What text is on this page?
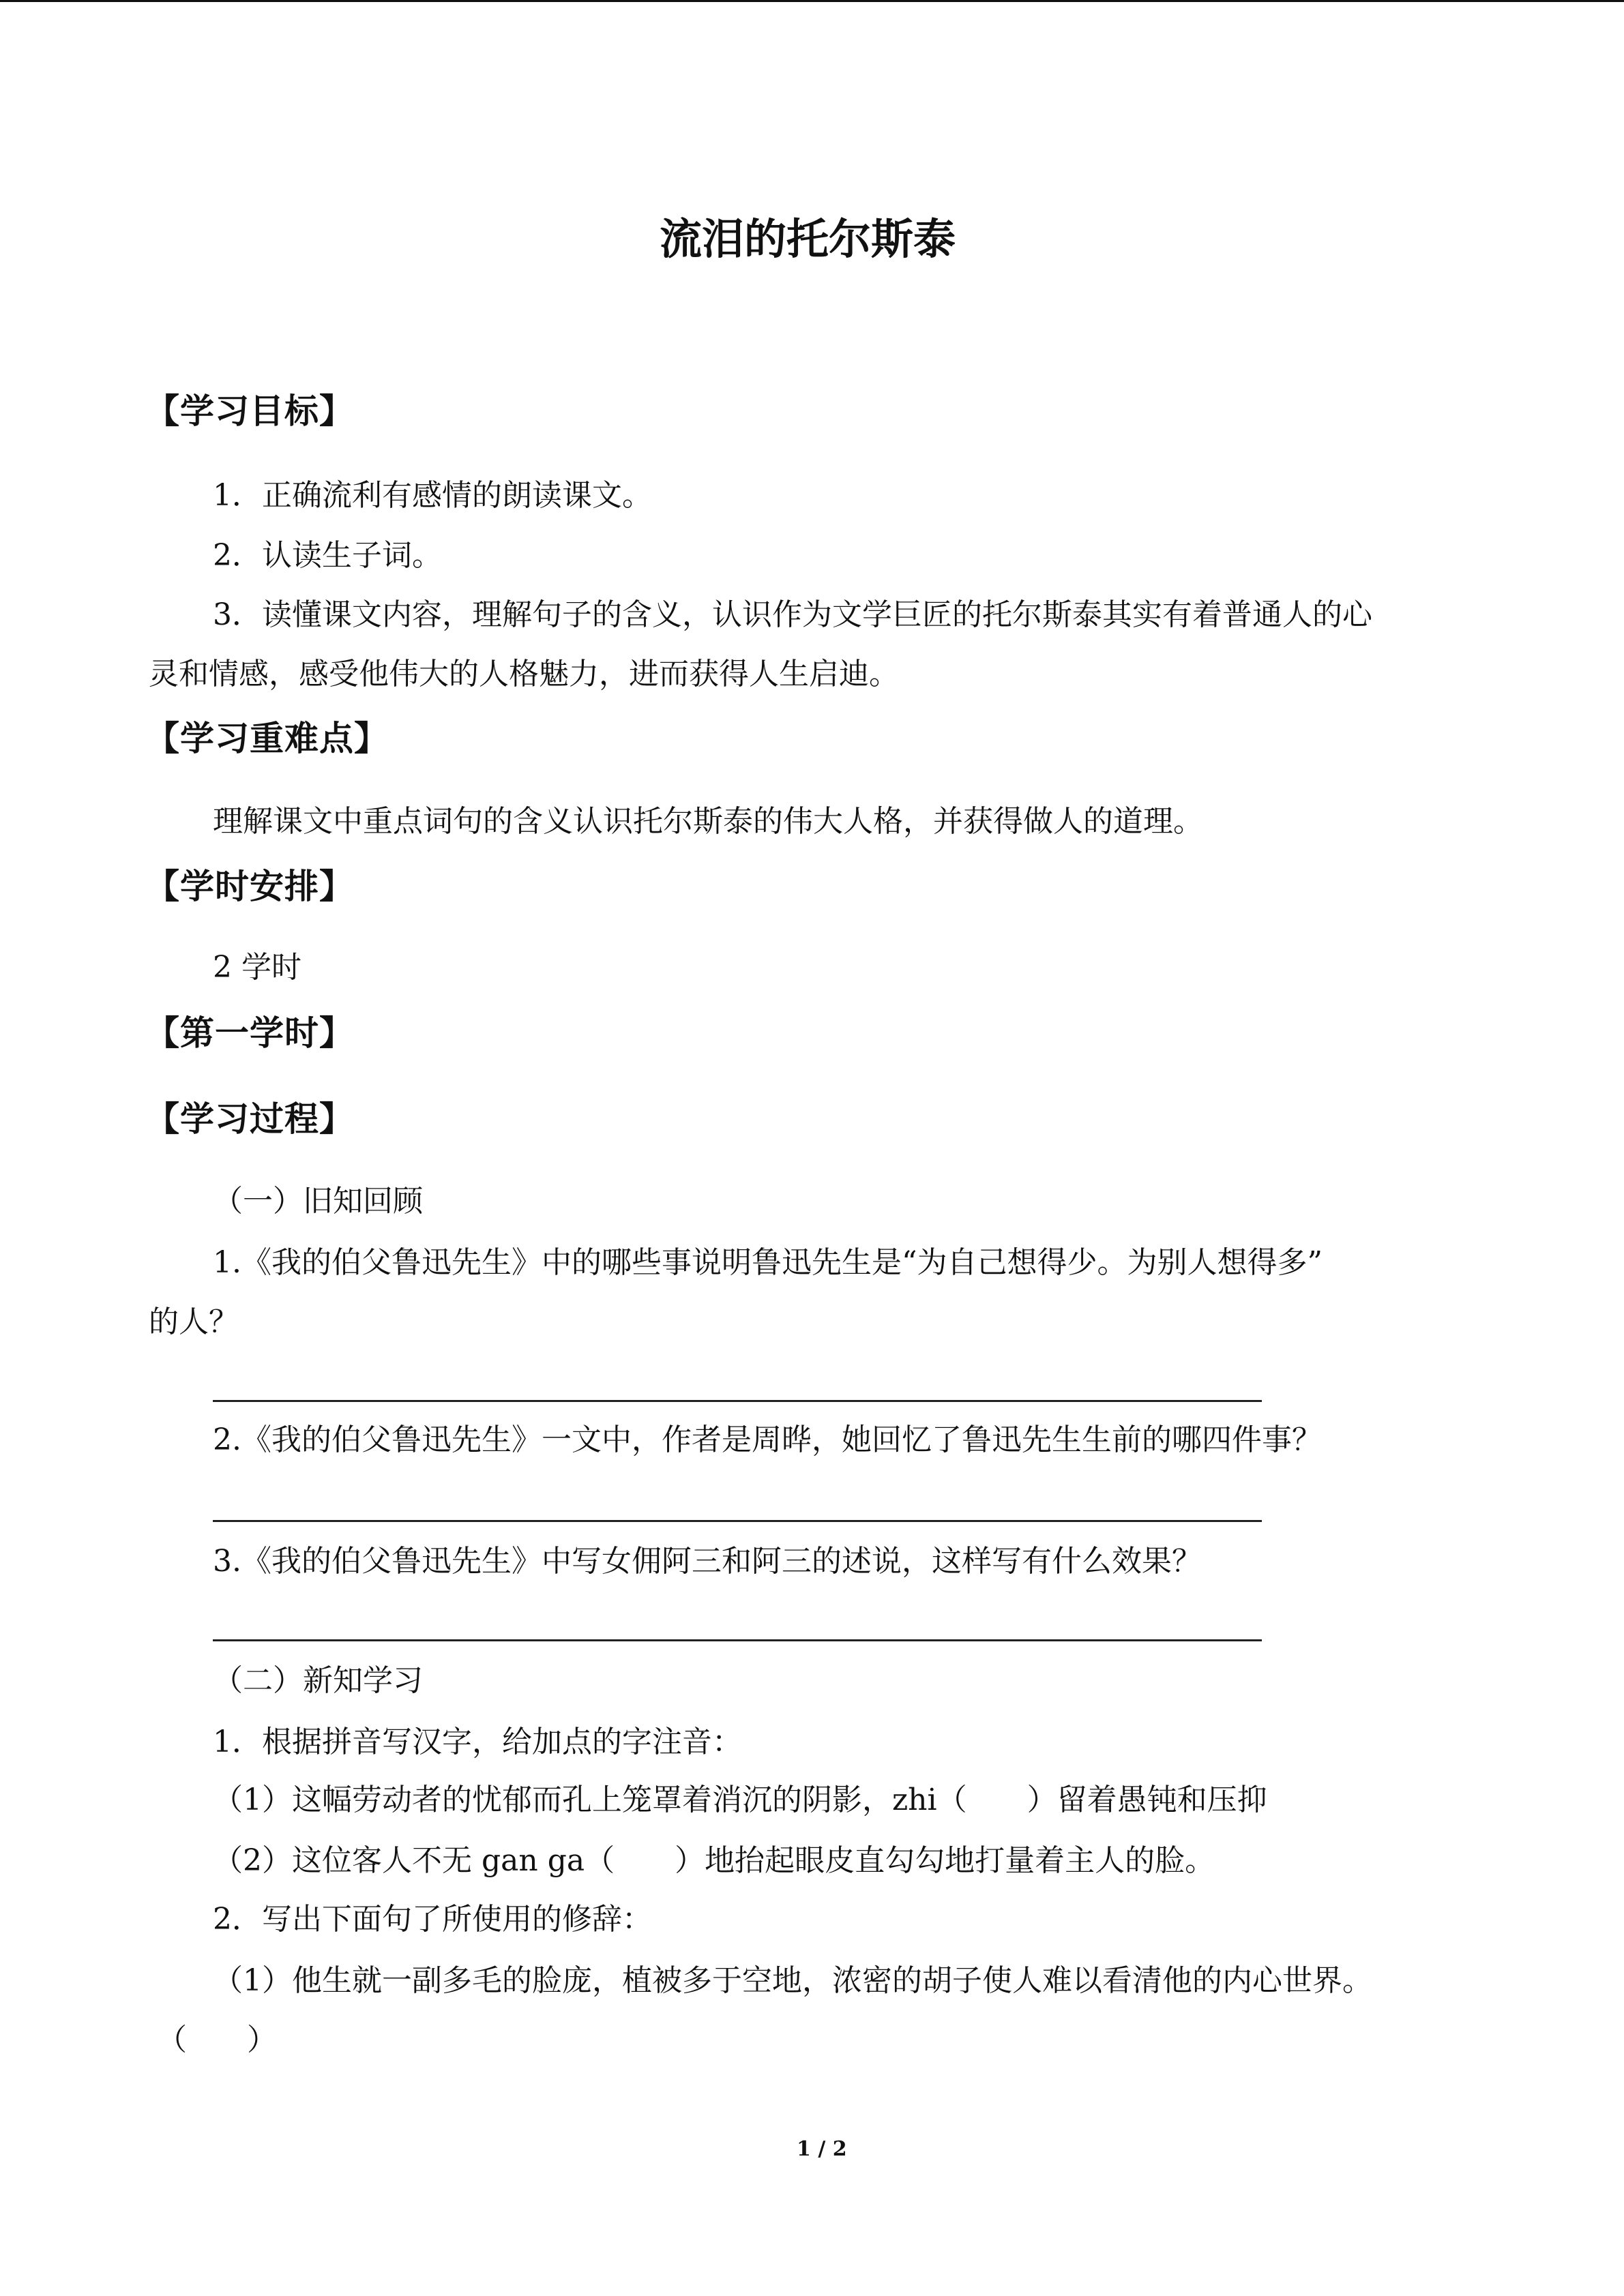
流泪的托尔斯泰
【学习目标】
1．正确流利有感情的朗读课文。
2．认读生子词。
3．读懂课文内容，理解句子的含义，认识作为文学巨匠的托尔斯泰其实有着普通人的心
灵和情感，感受他伟大的人格魅力，进而获得人生启迪。
【学习重难点】
理解课文中重点词句的含义认识托尔斯泰的伟大人格，并获得做人的道理。
【学时安排】
2 学时
【第一学时】
【学习过程】
（一）旧知回顾
1.《我的伯父鲁迅先生》中的哪些事说明鲁迅先生是“为自己想得少。为别人想得多”
的人？
2.《我的伯父鲁迅先生》一文中，作者是周晔，她回忆了鲁迅先生生前的哪四件事？
3.《我的伯父鲁迅先生》中写女佣阿三和阿三的述说，这样写有什么效果？
（二）新知学习
1．根据拼音写汉字，给加点的字注音：
（1）这幅劳动者的忧郁而孔上笼罩着消沉的阴影，zhi（　　）留着愚钝和压抑
（2）这位客人不无 gan ga（　　）地抬起眼皮直勾勾地打量着主人的脸。
2．写出下面句了所使用的修辞：
（1）他生就一副多毛的脸庞，植被多于空地，浓密的胡子使人难以看清他的内心世界。
（　　）
1 / 2
